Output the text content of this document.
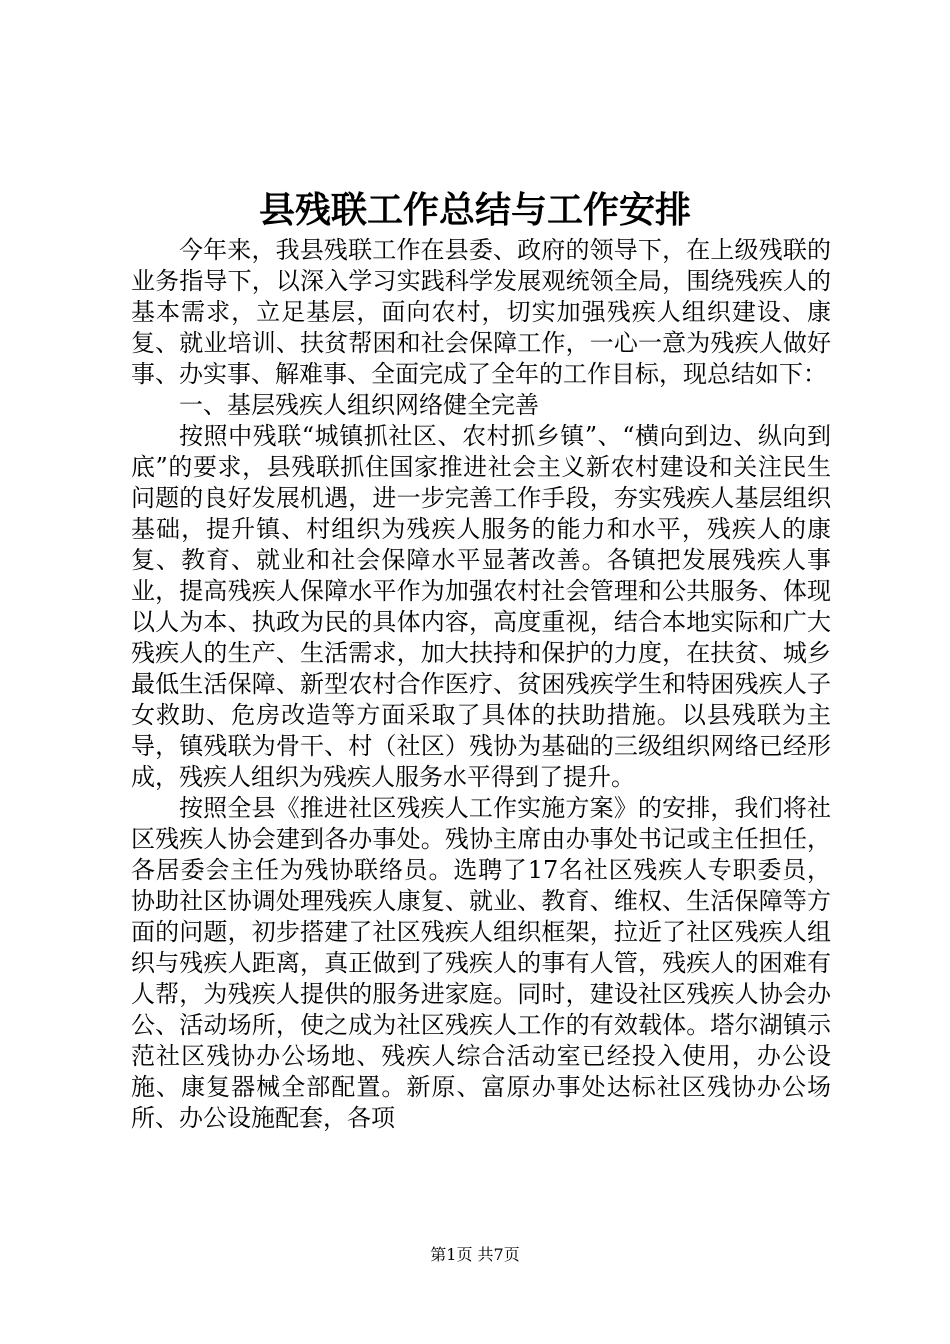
县残联工作总结与工作安排

今年来，我县残联工作在县委、政府的领导下，在上级残联的业务指导下，以深入学习实践科学发展观统领全局，围绕残疾人的基本需求，立足基层，面向农村，切实加强残疾人组织建设、康复、就业培训、扶贫帮困和社会保障工作，一心一意为残疾人做好事、办实事、解难事、全面完成了全年的工作目标，现总结如下：

一、基层残疾人组织网络健全完善

按照中残联“城镇抓社区、农村抓乡镇”、“横向到边、纵向到底”的要求，县残联抓住国家推进社会主义新农村建设和关注民生问题的良好发展机遇，进一步完善工作手段，夯实残疾人基层组织基础，提升镇、村组织为残疾人服务的能力和水平，残疾人的康复、教育、就业和社会保障水平显著改善。各镇把发展残疾人事业，提高残疾人保障水平作为加强农村社会管理和公共服务、体现以人为本、执政为民的具体内容，高度重视，结合本地实际和广大残疾人的生产、生活需求，加大扶持和保护的力度，在扶贫、城乡最低生活保障、新型农村合作医疗、贫困残疾学生和特困残疾人子女救助、危房改造等方面采取了具体的扶助措施。以县残联为主导，镇残联为骨干、村（社区）残协为基础的三级组织网络已经形成，残疾人组织为残疾人服务水平得到了提升。

按照全县《推进社区残疾人工作实施方案》的安排，我们将社区残疾人协会建到各办事处。残协主席由办事处书记或主任担任，各居委会主任为残协联络员。选聘了17名社区残疾人专职委员，协助社区协调处理残疾人康复、就业、教育、维权、生活保障等方面的问题，初步搭建了社区残疾人组织框架，拉近了社区残疾人组织与残疾人距离，真正做到了残疾人的事有人管，残疾人的困难有人帮，为残疾人提供的服务进家庭。同时，建设社区残疾人协会办公、活动场所，使之成为社区残疾人工作的有效载体。塔尔湖镇示范社区残协办公场地、残疾人综合活动室已经投入使用，办公设施、康复器械全部配置。新原、富原办事处达标社区残协办公场所、办公设施配套，各项

第1页 共7页
